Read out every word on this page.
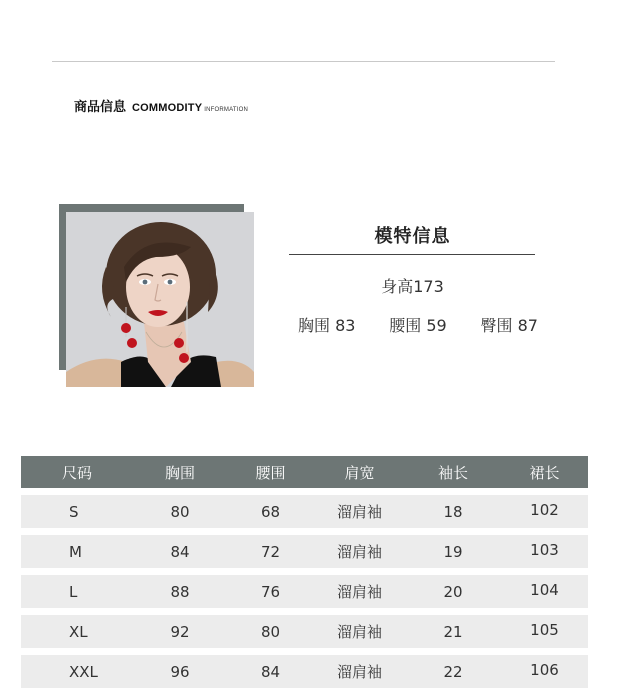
商品信息 COMMODITY INFORMATION
模特信息
身高173
胸围 83 腰围 59 臀围 87
尺码	胸围	腰围	肩宽	袖长	裙长
S	80	68	溜肩袖	18	102
M	84	72	溜肩袖	19	103
L	88	76	溜肩袖	20	104
XL	92	80	溜肩袖	21	105
XXL	96	84	溜肩袖	22	106
